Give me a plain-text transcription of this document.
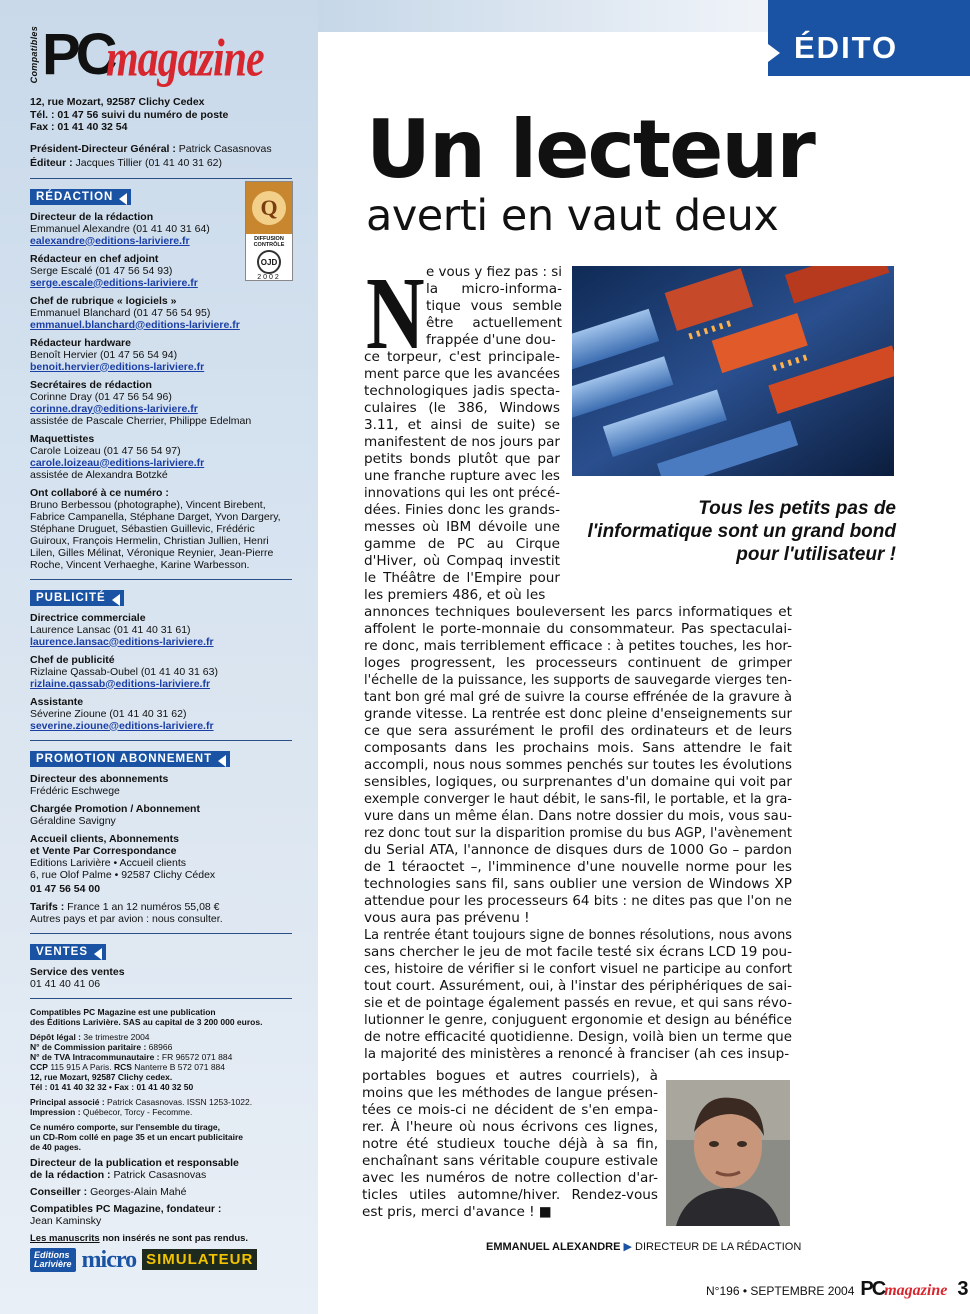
Compatibles PC
magazine
12, rue Mozart, 92587 Clichy Cedex
Tél. : 01 47 56 suivi du numéro de poste
Fax : 01 41 40 32 54
Président-Directeur Général : Patrick Casasnovas
Éditeur : Jacques Tillier (01 41 40 31 62)
RÉDACTION
Directeur de la rédaction
Emmanuel Alexandre (01 41 40 31 64)
ealexandre@editions-lariviere.fr
Rédacteur en chef adjoint
Serge Escalé (01 47 56 54 93)
serge.escale@editions-lariviere.fr
Chef de rubrique « logiciels »
Emmanuel Blanchard (01 47 56 54 95)
emmanuel.blanchard@editions-lariviere.fr
Rédacteur hardware
Benoît Hervier (01 47 56 54 94)
benoit.hervier@editions-lariviere.fr
Secrétaires de rédaction
Corinne Dray (01 47 56 54 96)
corinne.dray@editions-lariviere.fr
assistée de Pascale Cherrier, Philippe Edelman
Maquettistes
Carole Loizeau (01 47 56 54 97)
carole.loizeau@editions-lariviere.fr
assistée de Alexandra Botzké
Ont collaboré à ce numéro :
Bruno Berbessou (photographe), Vincent Birebent,
Fabrice Campanella, Stéphane Darget, Yvon Dargery,
Stéphane Druguet, Sébastien Guillevic, Frédéric
Guiroux, François Hermelin, Christian Jullien, Henri
Lilen, Gilles Mélinat, Véronique Reynier, Jean-Pierre
Roche, Vincent Verhaeghe, Karine Warbesson.
PUBLICITÉ
Directrice commerciale
Laurence Lansac (01 41 40 31 61)
laurence.lansac@editions-lariviere.fr
Chef de publicité
Rizlaine Qassab-Oubel (01 41 40 31 63)
rizlaine.qassab@editions-lariviere.fr
Assistante
Séverine Zioune (01 41 40 31 62)
severine.zioune@editions-lariviere.fr
PROMOTION ABONNEMENT
Directeur des abonnements
Frédéric Eschwege
Chargée Promotion / Abonnement
Géraldine Savigny
Accueil clients, Abonnements
et Vente Par Correspondance
Editions Larivière • Accueil clients
6, rue Olof Palme • 92587 Clichy Cédex
01 47 56 54 00
Tarifs : France 1 an 12 numéros 55,08 €
Autres pays et par avion : nous consulter.
VENTES
Service des ventes
01 41 40 41 06
Compatibles PC Magazine est une publication
des Éditions Larivière. SAS au capital de 3 200 000 euros.
Dépôt légal : 3e trimestre 2004
N° de Commission paritaire : 68966
N° de TVA Intracommunautaire : FR 96572 071 884
CCP 115 915 A Paris. RCS Nanterre B 572 071 884
12, rue Mozart, 92587 Clichy cedex.
Tél : 01 41 40 32 32 • Fax : 01 41 40 32 50
Principal associé : Patrick Casasnovas. ISSN 1253-1022.
Impression : Québecor, Torcy - Fecomme.
Ce numéro comporte, sur l'ensemble du tirage,
un CD-Rom collé en page 35 et un encart publicitaire
de 40 pages.
Directeur de la publication et responsable
de la rédaction : Patrick Casasnovas
Conseiller : Georges-Alain Mahé
Compatibles PC Magazine, fondateur :
Jean Kaminsky
Les manuscrits non insérés ne sont pas rendus.
Editions
Larivière micro SIMULATEUR
Q
DIFFUSION CONTRÔLE
OJD
2002
ÉDITO
Un lecteur
averti en vaut deux
Tous les petits pas de
l'informatique sont un grand bond
pour l'utilisateur !
N e vous y fiez pas : si
la micro-informa-
tique vous semble
être actuellement
frappée d'une dou-
ce torpeur, c'est principale-
ment parce que les avancées
technologiques jadis specta-
culaires (le 386, Windows
3.11, et ainsi de suite) se
manifestent de nos jours par
petits bonds plutôt que par
une franche rupture avec les
innovations qui les ont précé-
dées. Finies donc les grands-
messes où IBM dévoile une
gamme de PC au Cirque
d'Hiver, où Compaq investit
le Théâtre de l'Empire pour
les premiers 486, et où les
annonces techniques bouleversent les parcs informatiques et
affolent le porte-monnaie du consommateur. Pas spectaculai-
re donc, mais terriblement efficace : à petites touches, les hor-
loges progressent, les processeurs continuent de grimper
l'échelle de la puissance, les supports de sauvegarde vierges ten-
tant bon gré mal gré de suivre la course effrénée de la gravure à
grande vitesse. La rentrée est donc pleine d'enseignements sur
ce que sera assurément le profil des ordinateurs et de leurs
composants dans les prochains mois. Sans attendre le fait
accompli, nous nous sommes penchés sur toutes les évolutions
sensibles, logiques, ou surprenantes d'un domaine qui voit par
exemple converger le haut débit, le sans-fil, le portable, et la gra-
vure dans un même élan. Dans notre dossier du mois, vous sau-
rez donc tout sur la disparition promise du bus AGP, l'avènement
du Serial ATA, l'annonce de disques durs de 1000 Go – pardon
de 1 téraoctet –, l'imminence d'une nouvelle norme pour les
technologies sans fil, sans oublier une version de Windows XP
attendue pour les processeurs 64 bits : ne dites pas que l'on ne
vous aura pas prévenu !
La rentrée étant toujours signe de bonnes résolutions, nous avons
sans chercher le jeu de mot facile testé six écrans LCD 19 pou-
ces, histoire de vérifier si le confort visuel ne participe au confort
tout court. Assurément, oui, à l'instar des périphériques de sai-
sie et de pointage également passés en revue, et qui sans révo-
lutionner le genre, conjuguent ergonomie et design au bénéfice
de notre efficacité quotidienne. Design, voilà bien un terme que
la majorité des ministères a renoncé à franciser (ah ces insup-
portables bogues et autres courriels), à
moins que les méthodes de langue présen-
tées ce mois-ci ne décident de s'en empa-
rer. À l'heure où nous écrivons ces lignes,
notre été studieux touche déjà à sa fin,
enchaînant sans véritable coupure estivale
avec les numéros de notre collection d'ar-
ticles utiles automne/hiver. Rendez-vous
est pris, merci d'avance ! ■
EMMANUEL ALEXANDRE ▶ DIRECTEUR DE LA RÉDACTION
N°196 • SEPTEMBRE 2004 PCmagazine 3
